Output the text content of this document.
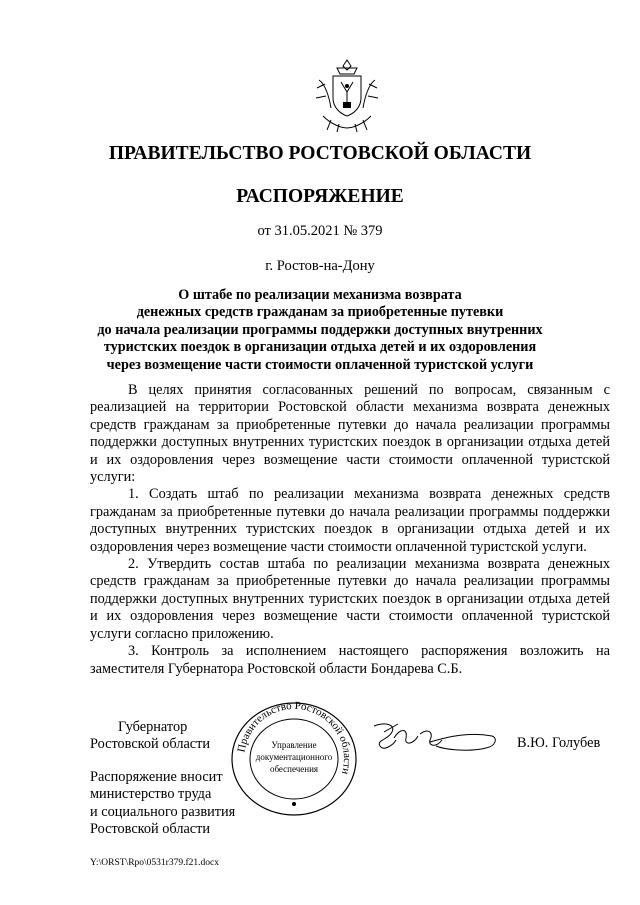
ПРАВИТЕЛЬСТВО РОСТОВСКОЙ ОБЛАСТИ
РАСПОРЯЖЕНИЕ
от 31.05.2021 № 379
г. Ростов-на-Дону
О штабе по реализации механизма возврата
денежных средств гражданам за приобретенные путевки
до начала реализации программы поддержки доступных внутренних
туристских поездок в организации отдыха детей и их оздоровления
через возмещение части стоимости оплаченной туристской услуги

В целях принятия согласованных решений по вопросам, связанным с реализацией на территории Ростовской области механизма возврата денежных средств гражданам за приобретенные путевки до начала реализации программы поддержки доступных внутренних туристских поездок в организации отдыха детей и их оздоровления через возмещение части стоимости оплаченной туристской услуги:

1. Создать штаб по реализации механизма возврата денежных средств гражданам за приобретенные путевки до начала реализации программы поддержки доступных внутренних туристских поездок в организации отдыха детей и их оздоровления через возмещение части стоимости оплаченной туристской услуги.

2. Утвердить состав штаба по реализации механизма возврата денежных средств гражданам за приобретенные путевки до начала реализации программы поддержки доступных внутренних туристских поездок в организации отдыха детей и их оздоровления через возмещение части стоимости оплаченной туристской услуги согласно приложению.

3. Контроль за исполнением настоящего распоряжения возложить на заместителя Губернатора Ростовской области Бондарева С.Б.

Губернатор
Ростовской области Правительство Ростовской области
Управление
документационного
обеспечения
В.Ю. Голубев
Распоряжение вносит
министерство труда
и социального развития
Ростовской области
Y:\ORST\Rpo\0531r379.f21.docx
